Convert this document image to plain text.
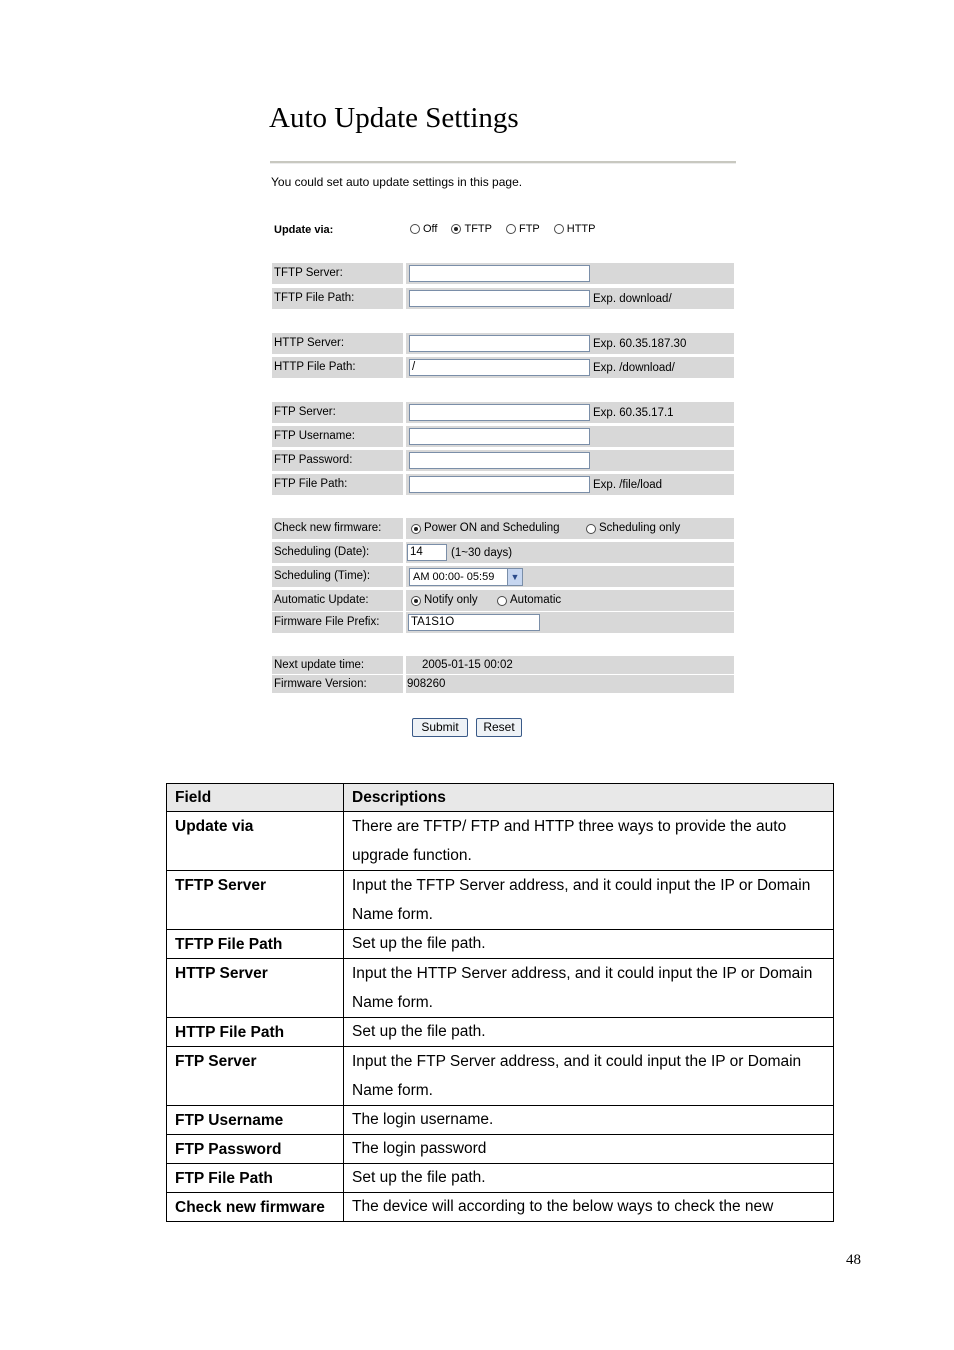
Auto Update Settings
You could set auto update settings in this page.
Update via:	Off TFTP FTP HTTP
TFTP Server:
TFTP File Path:	Exp. download/
HTTP Server:	Exp. 60.35.187.30
HTTP File Path:	/	Exp. /download/
FTP Server:	Exp. 60.35.17.1
FTP Username:
FTP Password:
FTP File Path:	Exp. /file/load
Check new firmware:	Power ON and Scheduling	Scheduling only
Scheduling (Date):	14	(1~30 days)
Scheduling (Time):	AM 00:00- 05:59	▼
Automatic Update:	Notify only	Automatic
Firmware File Prefix:	TA1S1O
Next update time:	2005-01-15 00:02
Firmware Version:	908260
Submit	Reset
Field	Descriptions
Update via	There are TFTP/ FTP and HTTP three ways to provide the auto upgrade function.
TFTP Server	Input the TFTP Server address, and it could input the IP or Domain Name form.
TFTP File Path	Set up the file path.
HTTP Server	Input the HTTP Server address, and it could input the IP or Domain Name form.
HTTP File Path	Set up the file path.
FTP Server	Input the FTP Server address, and it could input the IP or Domain Name form.
FTP Username	The login username.
FTP Password	The login password
FTP File Path	Set up the file path.
Check new firmware	The device will according to the below ways to check the new
48
